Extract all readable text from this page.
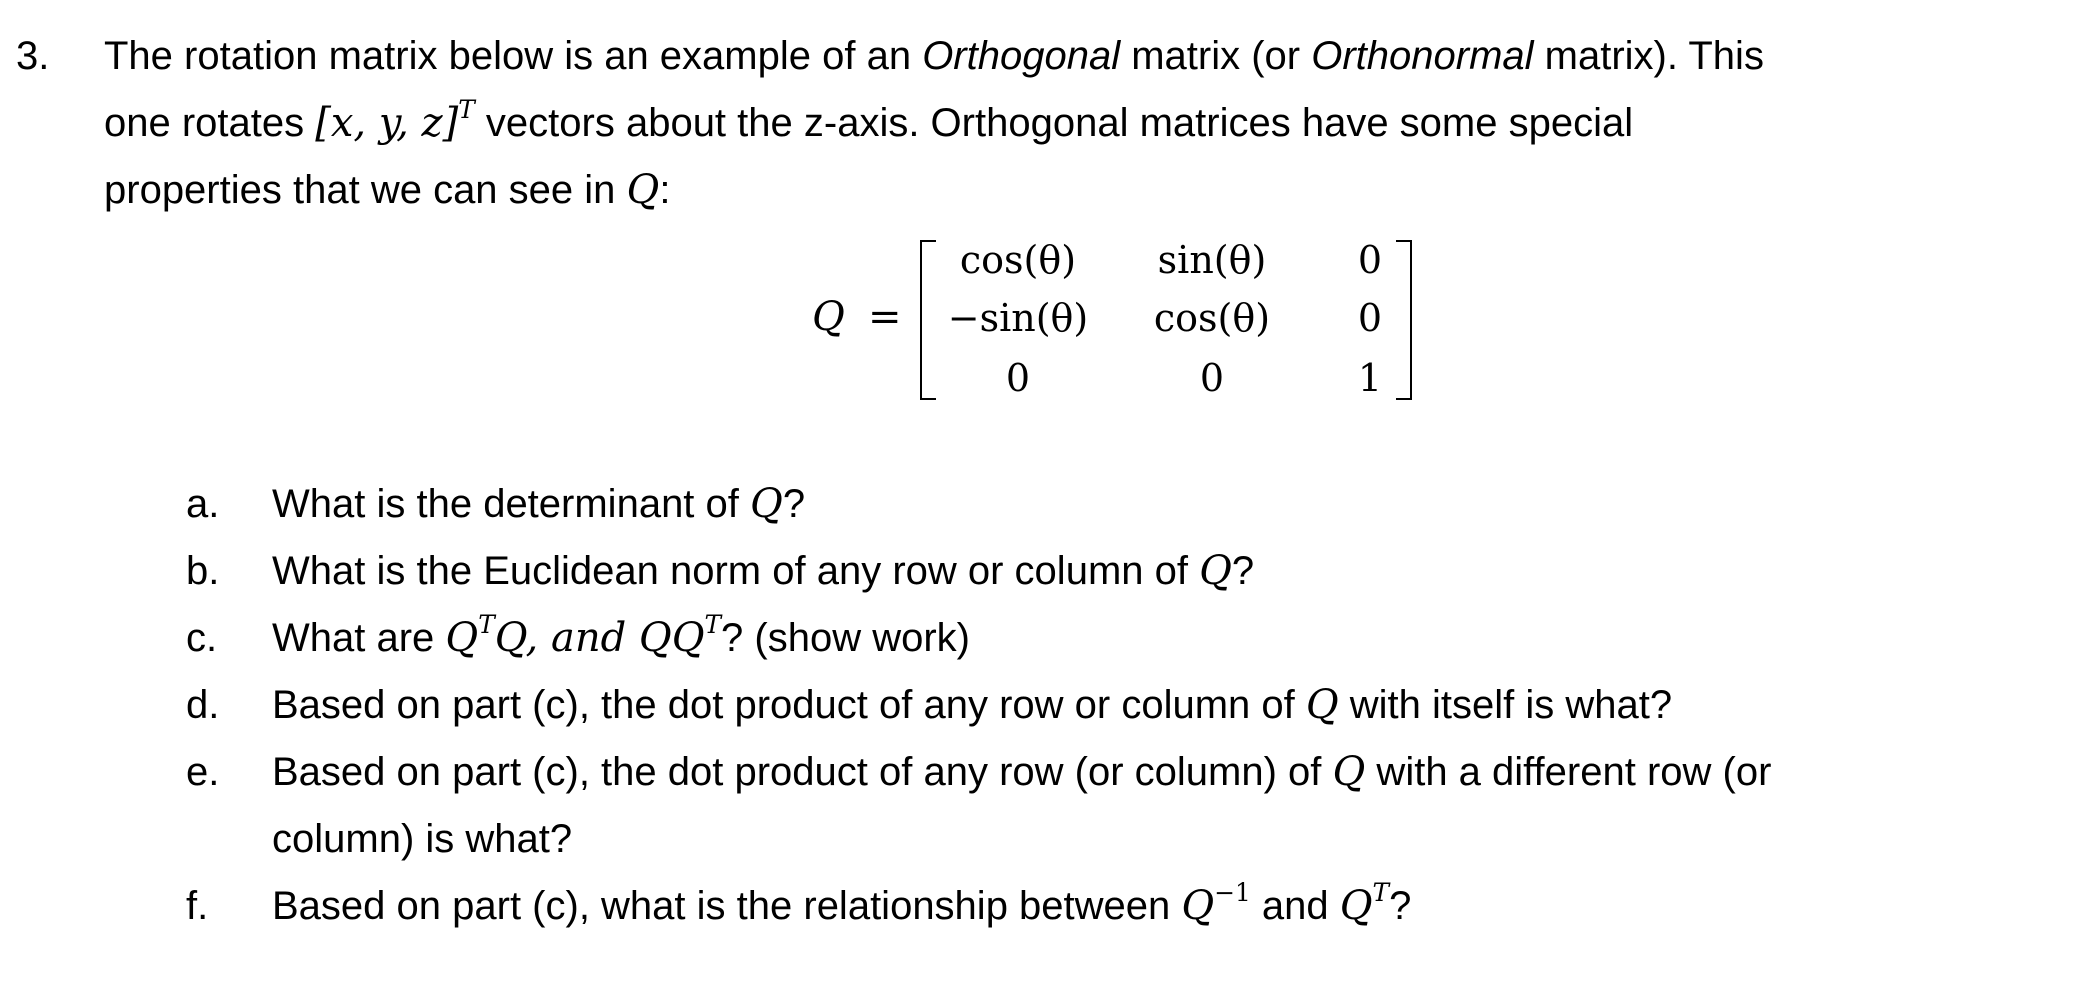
3. The rotation matrix below is an example of an Orthogonal matrix (or Orthonormal matrix). This
one rotates [x, y, z]$^T$ vectors about the z-axis. Orthogonal matrices have some special
properties that we can see in Q:
Q =
cos(θ)	sin(θ)	0
−sin(θ)	cos(θ)	0
0	0	1
a. What is the determinant of Q?
b. What is the Euclidean norm of any row or column of Q?
c. What are $Q^TQ$, and $QQ^T$? (show work)
d. Based on part (c), the dot product of any row or column of Q with itself is what?
e. Based on part (c), the dot product of any row (or column) of Q with a different row (or
column) is what?
f. Based on part (c), what is the relationship between $Q^{-1}$ and $Q^T$?
